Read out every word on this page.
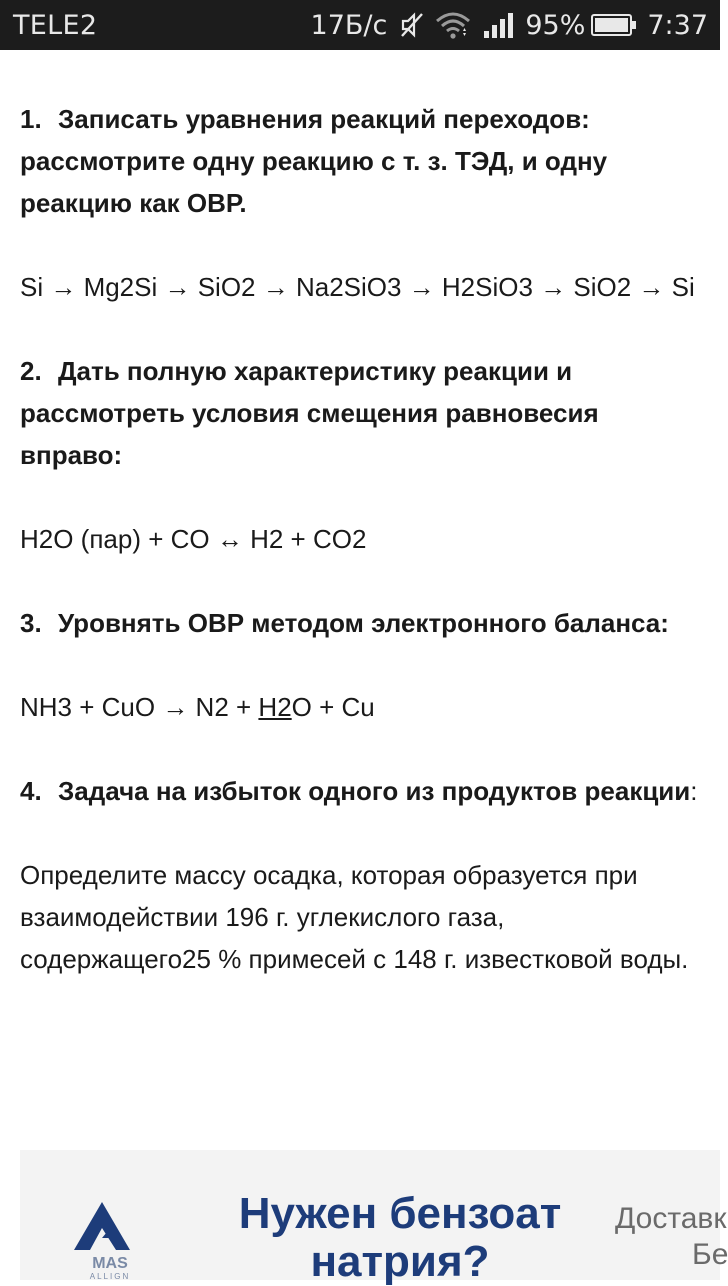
TELE2	17Б/с	95% 7:37

1. Записать уравнения реакций переходов: рассмотрите одну реакцию с т. з. ТЭД, и одну реакцию как ОВР.

Si → Mg2Si → SiO2 → Na2SiO3 → H2SiO3 → SiO2 → Si

2. Дать полную характеристику реакции и рассмотреть условия смещения равновесия вправо:

H2O (пар) + CO ↔ H2 + CO2

3. Уровнять ОВР методом электронного баланса:

NH3 + CuO → N2 + H2O + Cu

4. Задача на избыток одного из продуктов реакции:

Определите массу осадка, которая образуется при взаимодействии 196 г. углекислого газа, содержащего25 % примесей с 148 г. известковой воды.

MAS
ALLIGN
Нужен бензоат натрия?
Доставк
Бе
